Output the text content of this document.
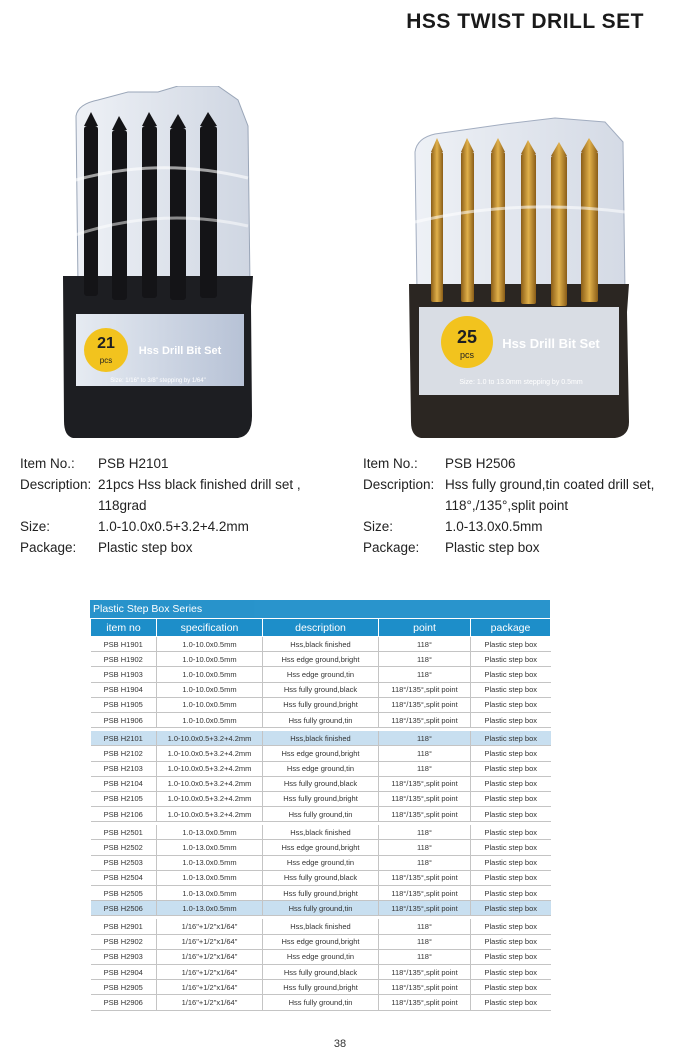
HSS TWIST DRILL SET
21
pcs
Hss Drill Bit Set
Size: 1/16" to 3/8" stepping by 1/64"
25
pcs
Hss Drill Bit Set
Size: 1.0 to 13.0mm stepping by 0.5mm
Item No.:	PSB H2101
Description: 21pcs Hss black finished drill set , 118grad
Size:	1.0-10.0x0.5+3.2+4.2mm
Package:	Plastic step box
Item No.:	PSB H2506
Description: Hss fully ground,tin coated drill set, 118°,/135°,split point
Size:	1.0-13.0x0.5mm
Package:	Plastic step box
Plastic Step Box Series
item no	specification	description	point	package
PSB H1901	1.0-10.0x0.5mm	Hss,black finished	118°	Plastic step box
PSB H1902	1.0-10.0x0.5mm	Hss edge ground,bright	118°	Plastic step box
PSB H1903	1.0-10.0x0.5mm	Hss edge ground,tin	118°	Plastic step box
PSB H1904	1.0-10.0x0.5mm	Hss fully ground,black	118°/135°,split point	Plastic step box
PSB H1905	1.0-10.0x0.5mm	Hss fully ground,bright	118°/135°,split point	Plastic step box
PSB H1906	1.0-10.0x0.5mm	Hss fully ground,tin	118°/135°,split point	Plastic step box

PSB H2101	1.0-10.0x0.5+3.2+4.2mm	Hss,black finished	118°	Plastic step box
PSB H2102	1.0-10.0x0.5+3.2+4.2mm	Hss edge ground,bright	118°	Plastic step box
PSB H2103	1.0-10.0x0.5+3.2+4.2mm	Hss edge ground,tin	118°	Plastic step box
PSB H2104	1.0-10.0x0.5+3.2+4.2mm	Hss fully ground,black	118°/135°,split point	Plastic step box
PSB H2105	1.0-10.0x0.5+3.2+4.2mm	Hss fully ground,bright	118°/135°,split point	Plastic step box
PSB H2106	1.0-10.0x0.5+3.2+4.2mm	Hss fully ground,tin	118°/135°,split point	Plastic step box

PSB H2501	1.0-13.0x0.5mm	Hss,black finished	118°	Plastic step box
PSB H2502	1.0-13.0x0.5mm	Hss edge ground,bright	118°	Plastic step box
PSB H2503	1.0-13.0x0.5mm	Hss edge ground,tin	118°	Plastic step box
PSB H2504	1.0-13.0x0.5mm	Hss fully ground,black	118°/135°,split point	Plastic step box
PSB H2505	1.0-13.0x0.5mm	Hss fully ground,bright	118°/135°,split point	Plastic step box
PSB H2506	1.0-13.0x0.5mm	Hss fully ground,tin	118°/135°,split point	Plastic step box

PSB H2901	1/16"+1/2"x1/64"	Hss,black finished	118°	Plastic step box
PSB H2902	1/16"+1/2"x1/64"	Hss edge ground,bright	118°	Plastic step box
PSB H2903	1/16"+1/2"x1/64"	Hss edge ground,tin	118°	Plastic step box
PSB H2904	1/16"+1/2"x1/64"	Hss fully ground,black	118°/135°,split point	Plastic step box
PSB H2905	1/16"+1/2"x1/64"	Hss fully ground,bright	118°/135°,split point	Plastic step box
PSB H2906	1/16"+1/2"x1/64"	Hss fully ground,tin	118°/135°,split point	Plastic step box
38
